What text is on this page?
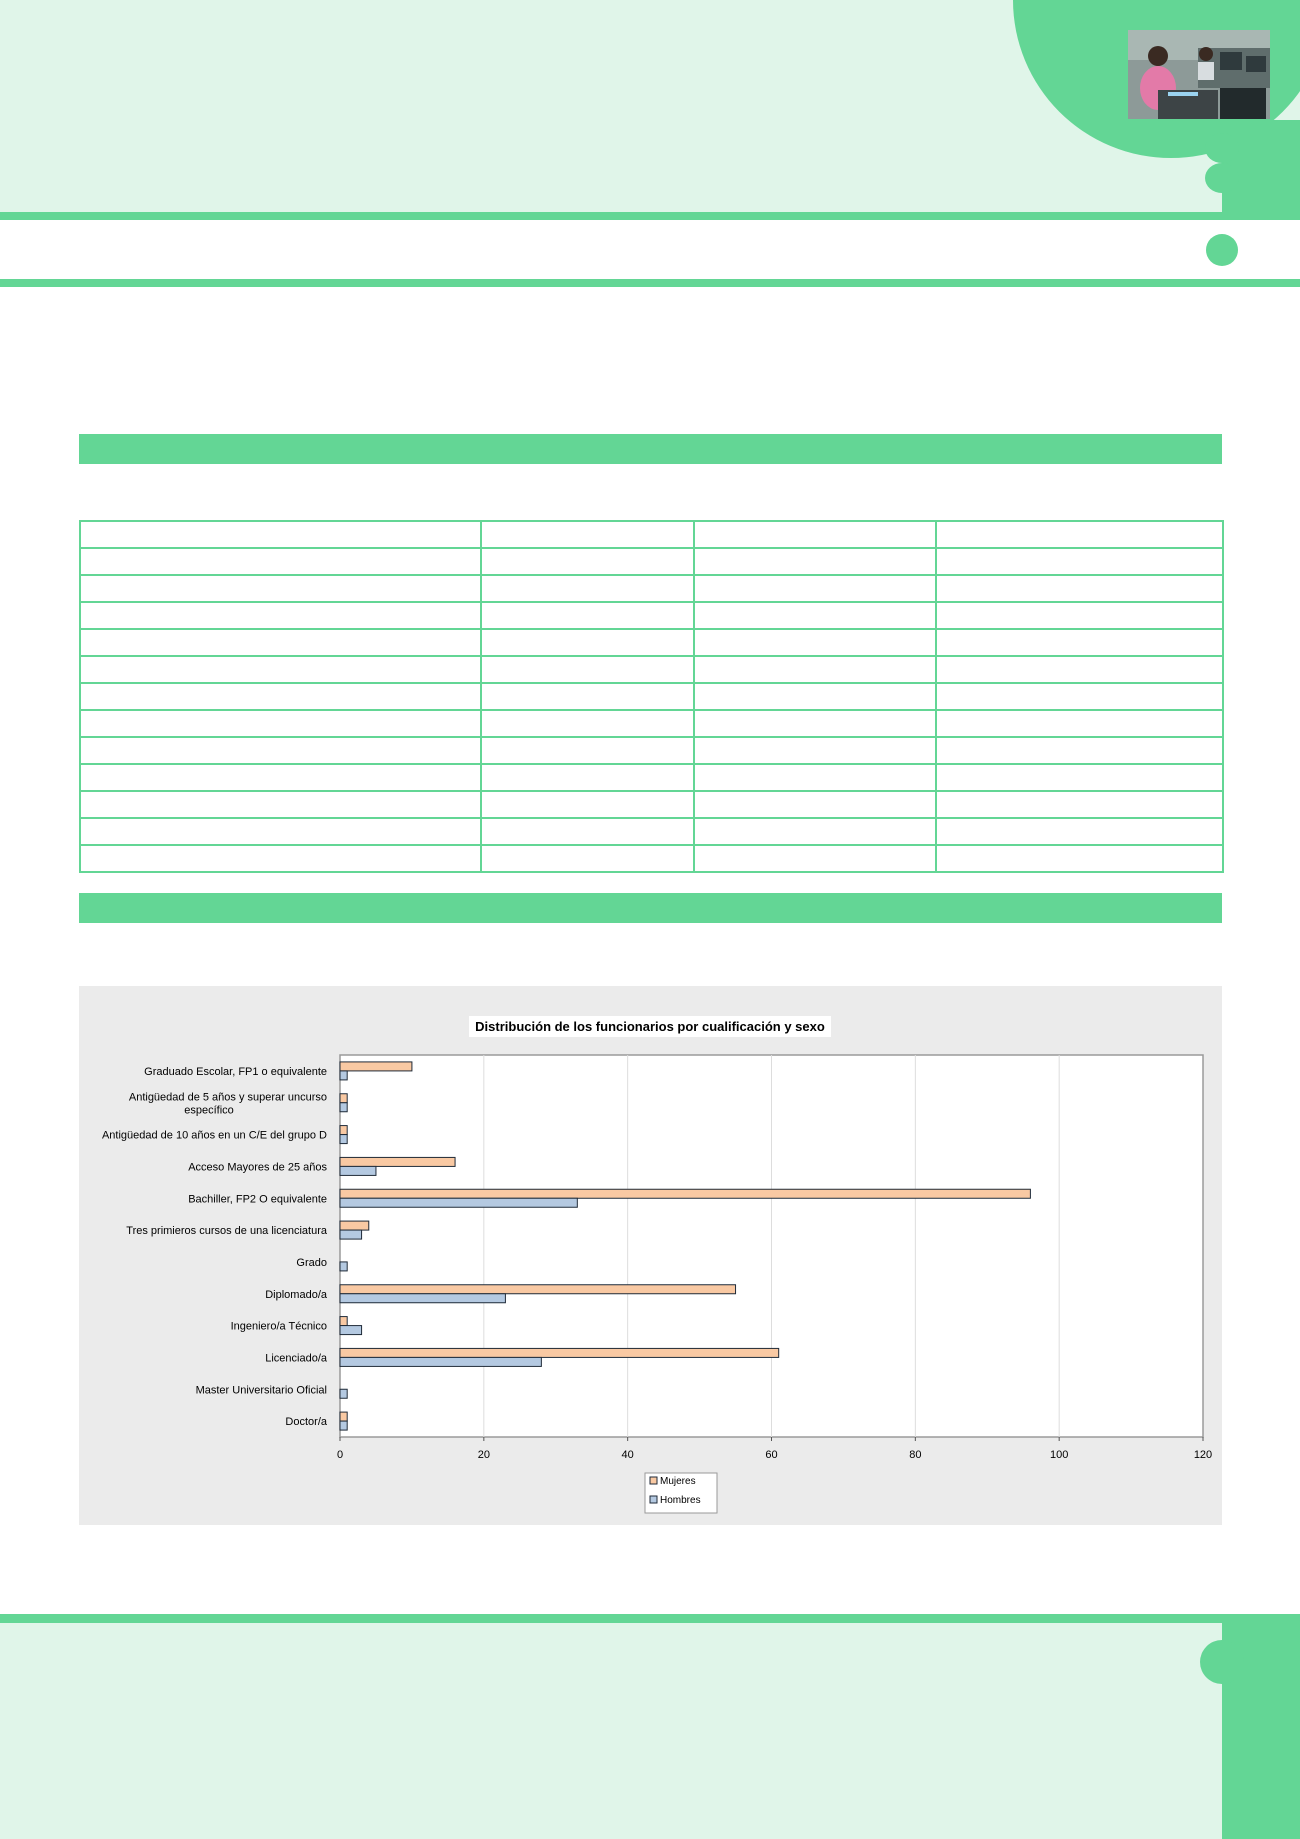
Distribución de los funcionarios por cualificación y sexo
0	20	40	60	80	100	120
Graduado Escolar, FP1 o equivalente
Antigüedad de 5 años y superar uncurso
específico
Antigüedad de 10 años en un C/E del grupo D
Acceso Mayores de 25 años
Bachiller, FP2 O equivalente
Tres primieros cursos de una licenciatura
Grado
Diplomado/a
Ingeniero/a Técnico
Licenciado/a
Master Universitario Oficial
Doctor/a
Mujeres
Hombres
